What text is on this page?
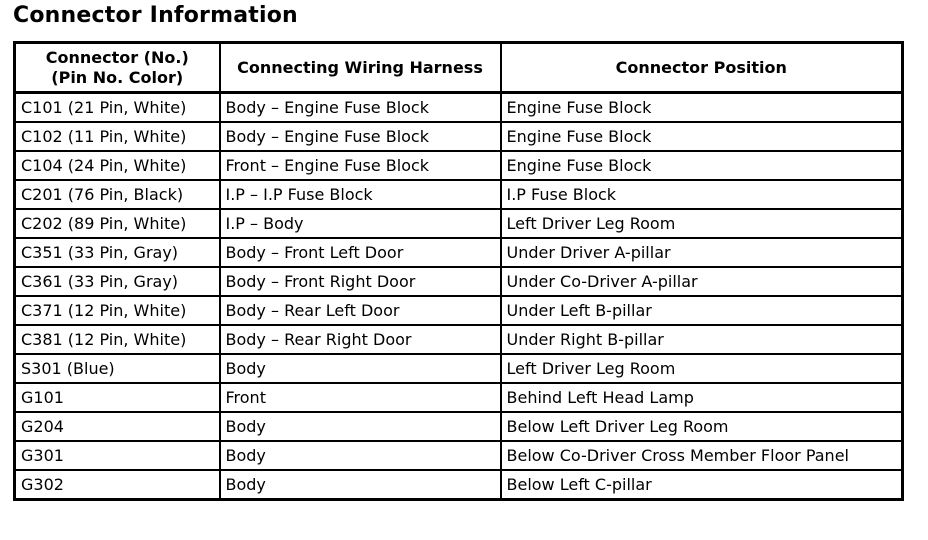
Connector Information
Connector (No.)
(Pin No. Color)	Connecting Wiring Harness	Connector Position
C101 (21 Pin, White)	Body – Engine Fuse Block	Engine Fuse Block
C102 (11 Pin, White)	Body – Engine Fuse Block	Engine Fuse Block
C104 (24 Pin, White)	Front – Engine Fuse Block	Engine Fuse Block
C201 (76 Pin, Black)	I.P – I.P Fuse Block	I.P Fuse Block
C202 (89 Pin, White)	I.P – Body	Left Driver Leg Room
C351 (33 Pin, Gray)	Body – Front Left Door	Under Driver A-pillar
C361 (33 Pin, Gray)	Body – Front Right Door	Under Co-Driver A-pillar
C371 (12 Pin, White)	Body – Rear Left Door	Under Left B-pillar
C381 (12 Pin, White)	Body – Rear Right Door	Under Right B-pillar
S301 (Blue)	Body	Left Driver Leg Room
G101	Front	Behind Left Head Lamp
G204	Body	Below Left Driver Leg Room
G301	Body	Below Co-Driver Cross Member Floor Panel
G302	Body	Below Left C-pillar
